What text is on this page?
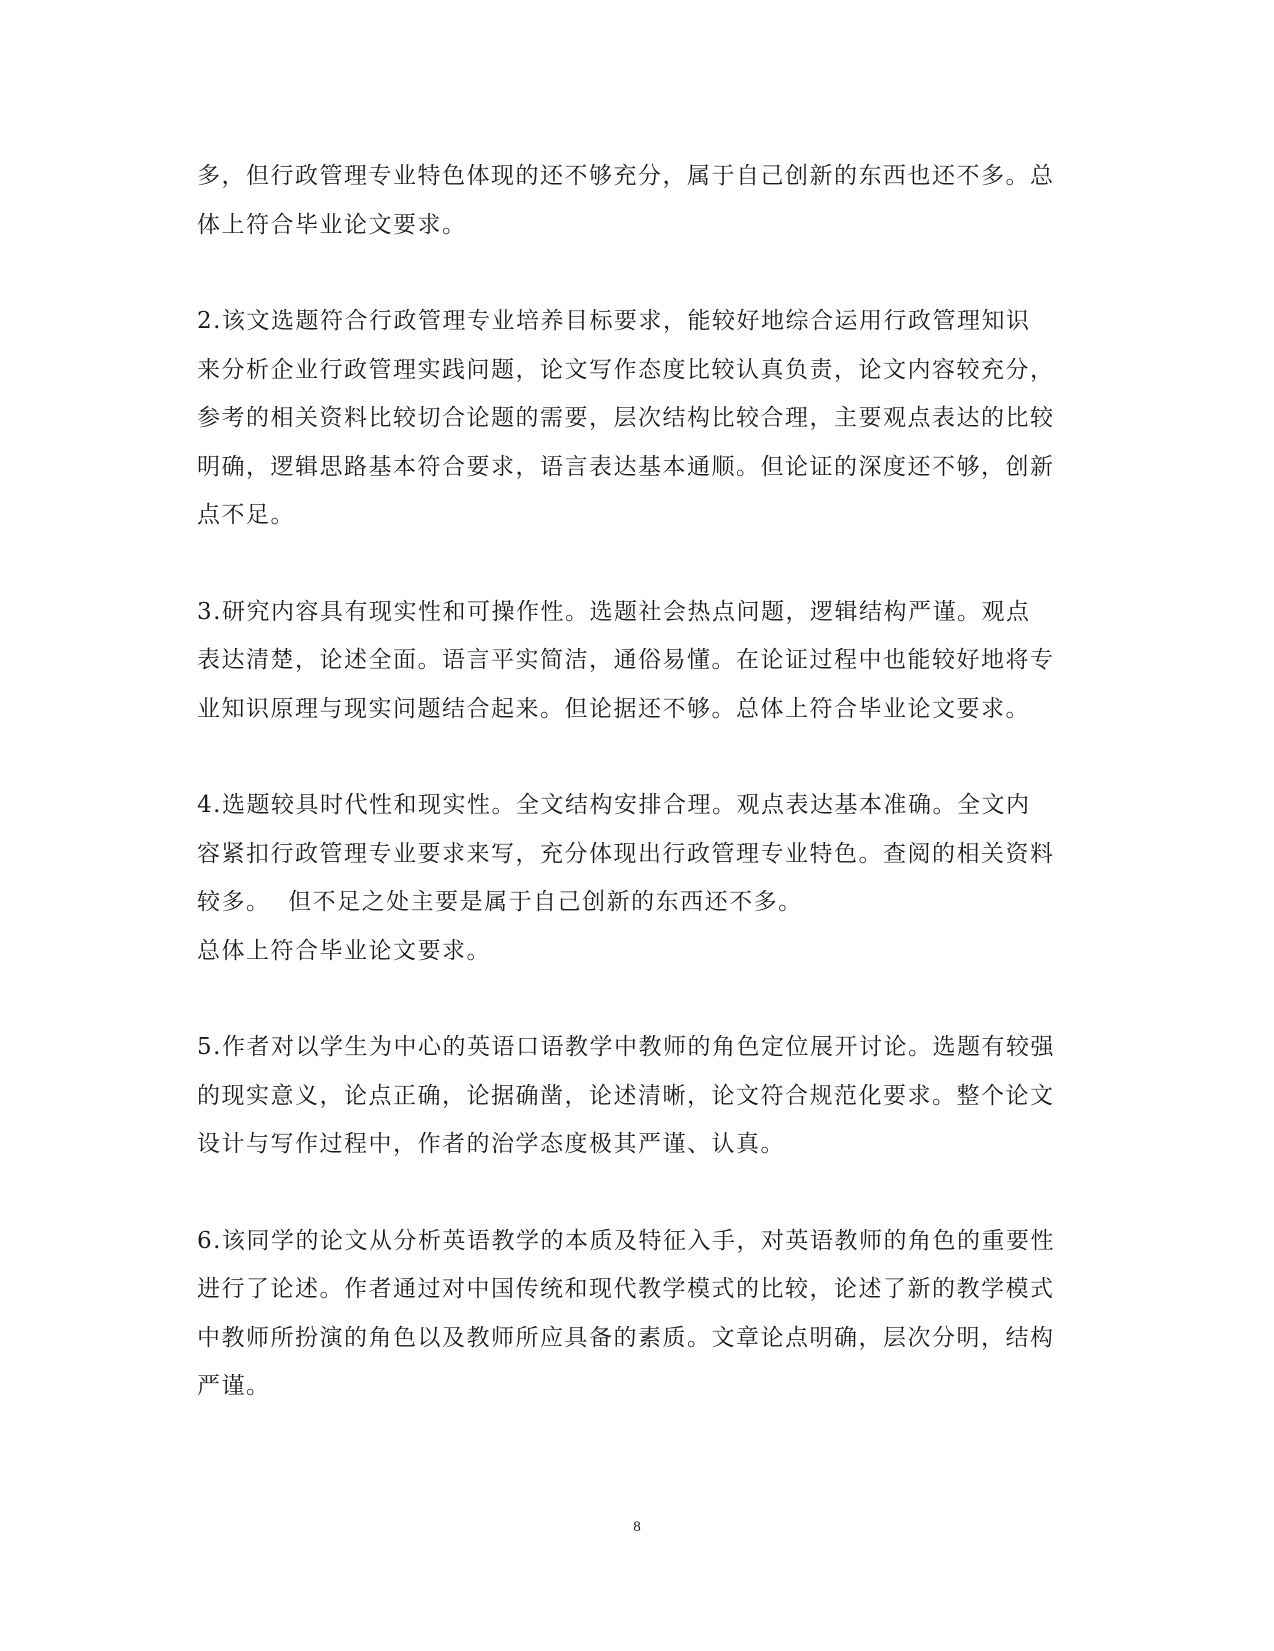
多，但行政管理专业特色体现的还不够充分，属于自己创新的东西也还不多。总
体上符合毕业论文要求。

2.该文选题符合行政管理专业培养目标要求，能较好地综合运用行政管理知识
来分析企业行政管理实践问题，论文写作态度比较认真负责，论文内容较充分，
参考的相关资料比较切合论题的需要，层次结构比较合理，主要观点表达的比较
明确，逻辑思路基本符合要求，语言表达基本通顺。但论证的深度还不够，创新
点不足。

3.研究内容具有现实性和可操作性。选题社会热点问题，逻辑结构严谨。观点
表达清楚，论述全面。语言平实简洁，通俗易懂。在论证过程中也能较好地将专
业知识原理与现实问题结合起来。但论据还不够。总体上符合毕业论文要求。

4.选题较具时代性和现实性。全文结构安排合理。观点表达基本准确。全文内
容紧扣行政管理专业要求来写，充分体现出行政管理专业特色。查阅的相关资料
较多。  但不足之处主要是属于自己创新的东西还不多。
总体上符合毕业论文要求。

5.作者对以学生为中心的英语口语教学中教师的角色定位展开讨论。选题有较强
的现实意义，论点正确，论据确凿，论述清晰，论文符合规范化要求。整个论文
设计与写作过程中，作者的治学态度极其严谨、认真。

6.该同学的论文从分析英语教学的本质及特征入手，对英语教师的角色的重要性
进行了论述。作者通过对中国传统和现代教学模式的比较，论述了新的教学模式
中教师所扮演的角色以及教师所应具备的素质。文章论点明确，层次分明，结构
严谨。

8
